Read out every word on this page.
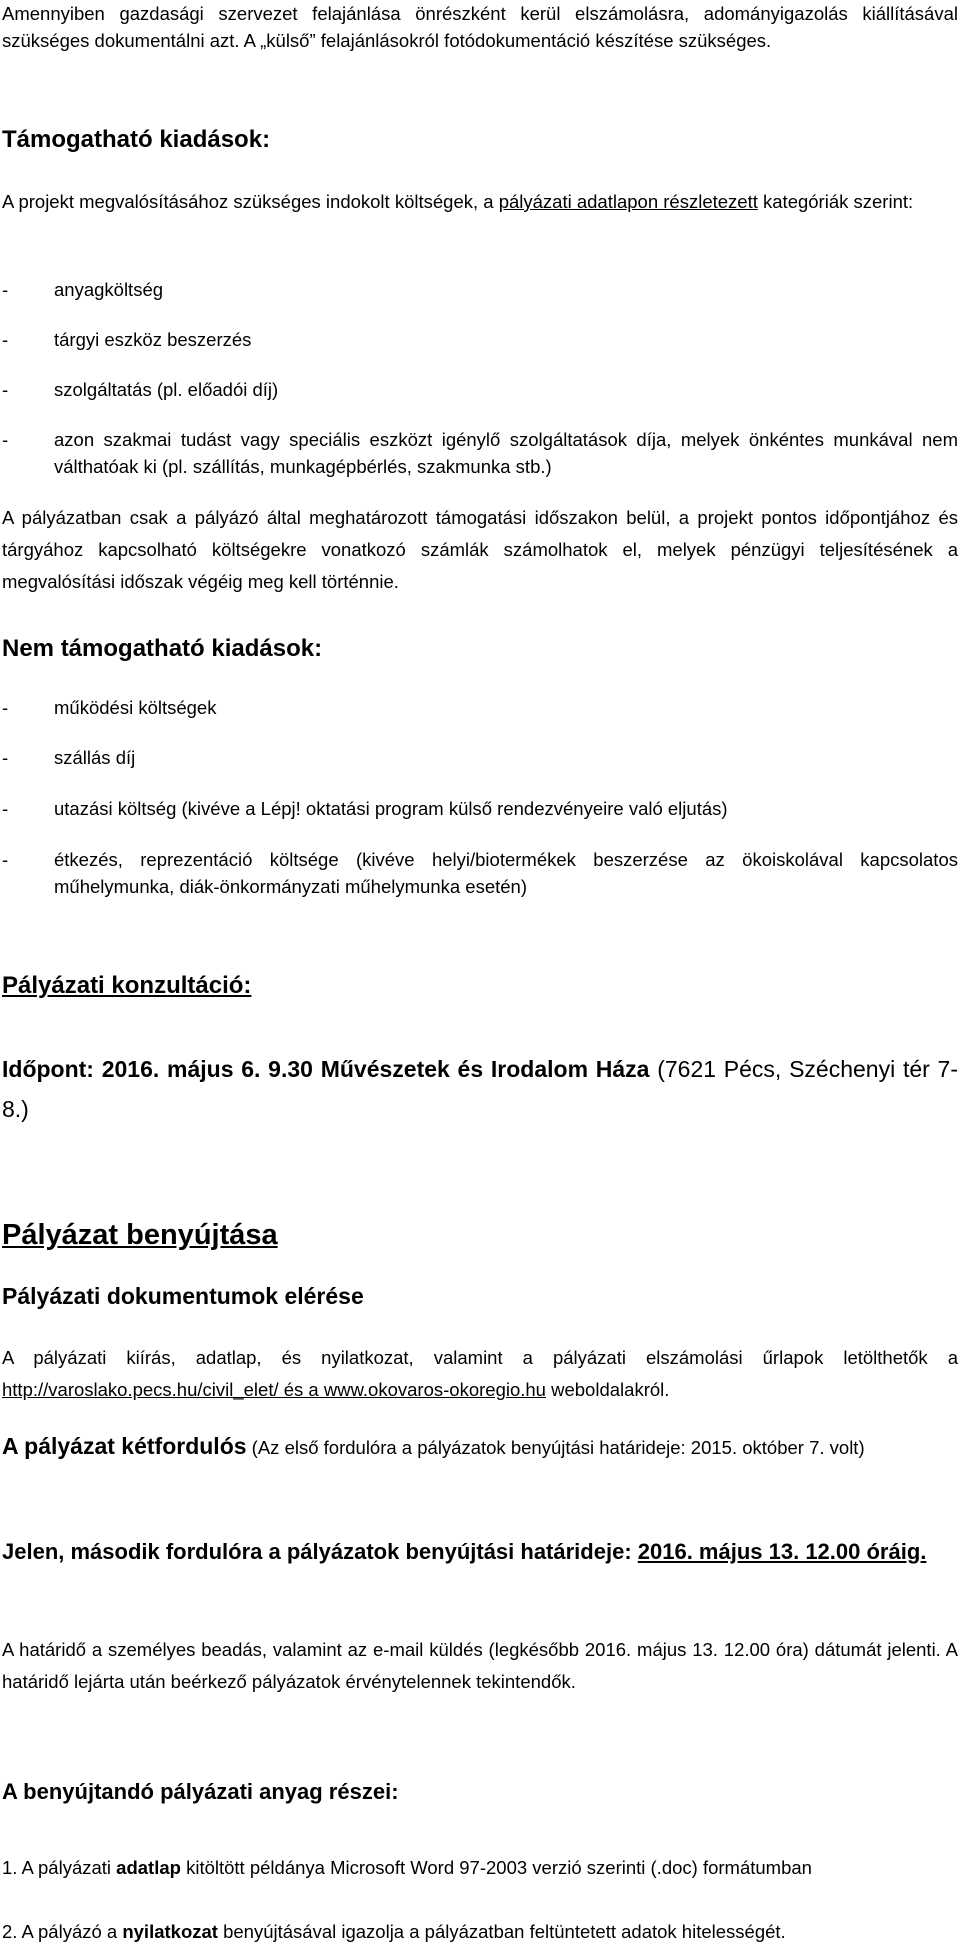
Amennyiben gazdasági szervezet felajánlása önrészként kerül elszámolásra, adományigazolás kiállításával szükséges dokumentálni azt. A „külső” felajánlásokról fotódokumentáció készítése szükséges.

Támogatható kiadások:

A projekt megvalósításához szükséges indokolt költségek, a pályázati adatlapon részletezett kategóriák szerint:

- anyagköltség
- tárgyi eszköz beszerzés
- szolgáltatás (pl. előadói díj)
- azon szakmai tudást vagy speciális eszközt igénylő szolgáltatások díja, melyek önkéntes munkával nem válthatóak ki (pl. szállítás, munkagépbérlés, szakmunka stb.)

A pályázatban csak a pályázó által meghatározott támogatási időszakon belül, a projekt pontos időpontjához és tárgyához kapcsolható költségekre vonatkozó számlák számolhatok el, melyek pénzügyi teljesítésének a megvalósítási időszak végéig meg kell történnie.

Nem támogatható kiadások:
- működési költségek
- szállás díj
- utazási költség (kivéve a Lépj! oktatási program külső rendezvényeire való eljutás)
- étkezés, reprezentáció költsége (kivéve helyi/biotermékek beszerzése az ökoiskolával kapcsolatos műhelymunka, diák-önkormányzati műhelymunka esetén)
Pályázati konzultáció:

Időpont: 2016. május 6. 9.30 Művészetek és Irodalom Háza (7621 Pécs, Széchenyi tér 7-8.)

Pályázat benyújtása
Pályázati dokumentumok elérése

A pályázati kiírás, adatlap, és nyilatkozat, valamint a pályázati elszámolási űrlapok letölthetők a http://varoslako.pecs.hu/civil_elet/ és a www.okovaros-okoregio.hu weboldalakról.

A pályázat kétfordulós (Az első fordulóra a pályázatok benyújtási határideje: 2015. október 7. volt)

Jelen, második fordulóra a pályázatok benyújtási határideje: 2016. május 13. 12.00 óráig.

A határidő a személyes beadás, valamint az e-mail küldés (legkésőbb 2016. május 13. 12.00 óra) dátumát jelenti. A határidő lejárta után beérkező pályázatok érvénytelennek tekintendők.

A benyújtandó pályázati anyag részei:

1. A pályázati adatlap kitöltött példánya Microsoft Word 97-2003 verzió szerinti (.doc) formátumban

2. A pályázó a nyilatkozat benyújtásával igazolja a pályázatban feltüntetett adatok hitelességét.
